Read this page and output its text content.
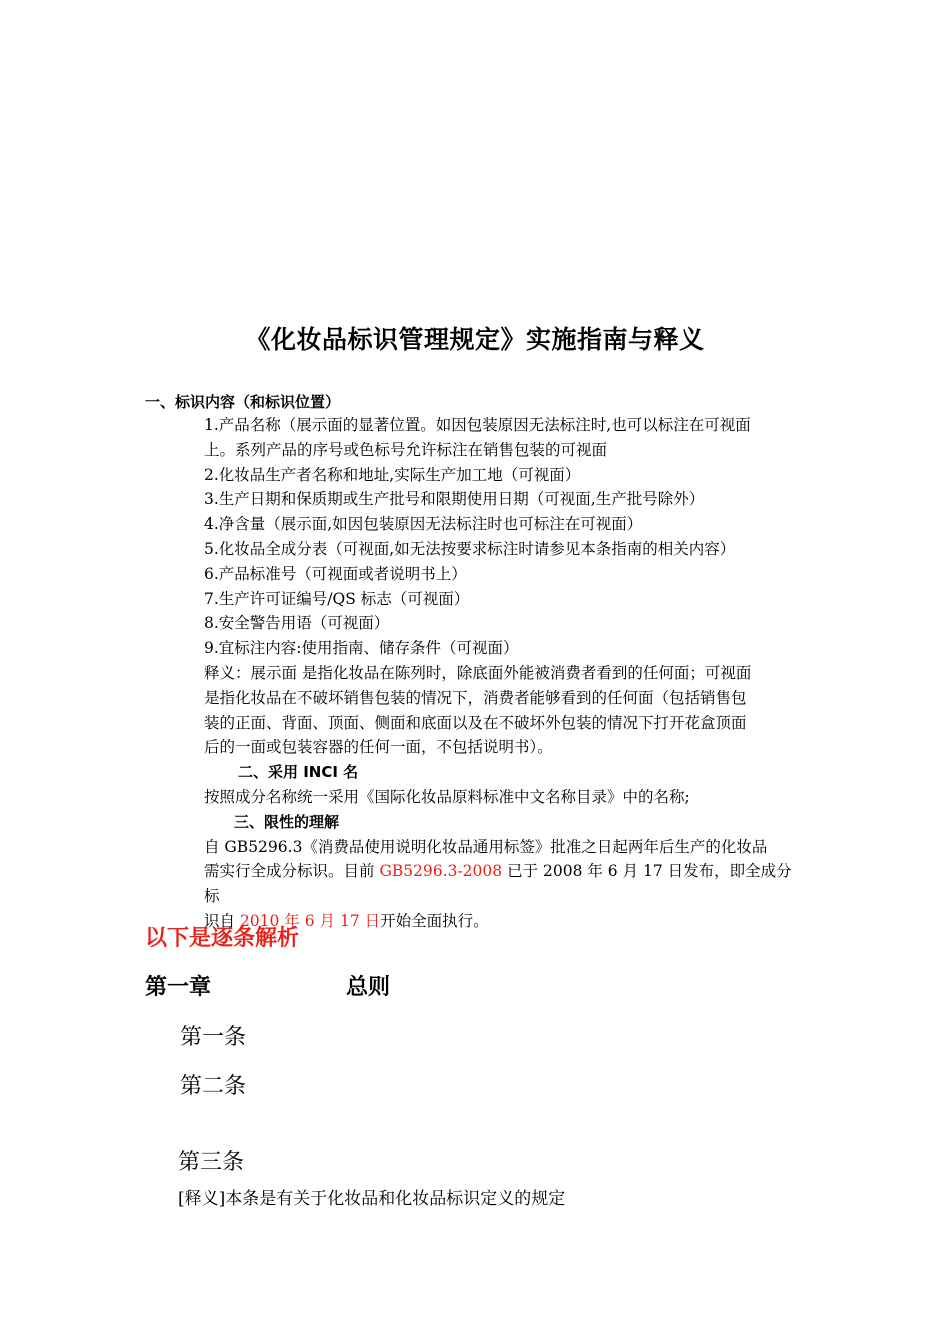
《化妆品标识管理规定》实施指南与释义
一、标识内容（和标识位置）

1.产品名称（展示面的显著位置。如因包装原因无法标注时,也可以标注在可视面

上。系列产品的序号或色标号允许标注在销售包装的可视面

2.化妆品生产者名称和地址,实际生产加工地（可视面）

3.生产日期和保质期或生产批号和限期使用日期（可视面,生产批号除外）

4.净含量（展示面,如因包装原因无法标注时也可标注在可视面）

5.化妆品全成分表（可视面,如无法按要求标注时请参见本条指南的相关内容）

6.产品标准号（可视面或者说明书上）

7.生产许可证编号/QS 标志（可视面）

8.安全警告用语（可视面）

9.宜标注内容:使用指南、储存条件（可视面）

释义：展示面 是指化妆品在陈列时，除底面外能被消费者看到的任何面；可视面

是指化妆品在不破坏销售包装的情况下，消费者能够看到的任何面（包括销售包

装的正面、背面、顶面、侧面和底面以及在不破坏外包装的情况下打开花盒顶面

后的一面或包装容器的任何一面，不包括说明书）。

二、采用 INCI 名

按照成分名称统一采用《国际化妆品原料标准中文名称目录》中的名称;

三、限性的理解

自 GB5296.3《消费品使用说明化妆品通用标签》批准之日起两年后生产的化妆品

需实行全成分标识。目前 GB5296.3-2008 已于 2008 年 6 月 17 日发布，即全成分标

识自 2010 年 6 月 17 日开始全面执行。

以下是逐条解析
第一章	总则
第一条
第二条
第三条
[释义]本条是有关于化妆品和化妆品标识定义的规定
